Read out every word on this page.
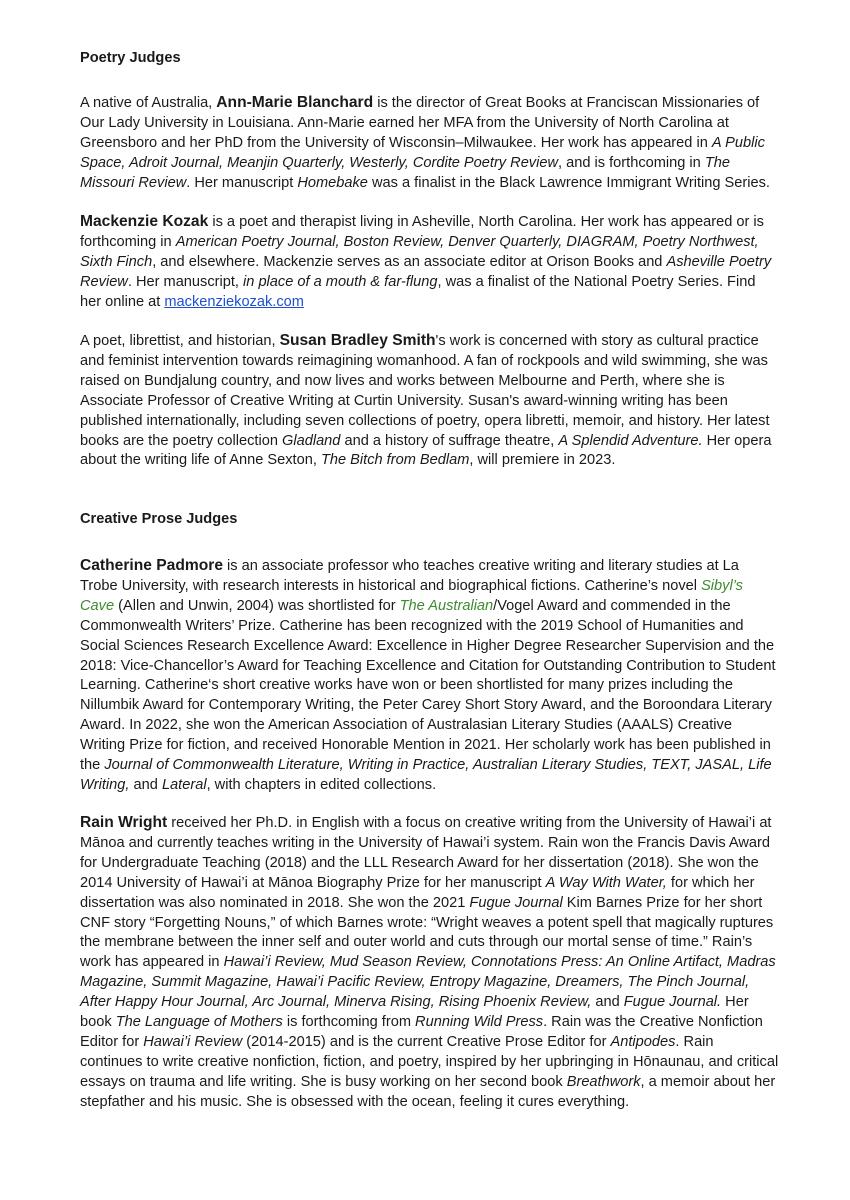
Poetry Judges

A native of Australia, Ann-Marie Blanchard is the director of Great Books at Franciscan Missionaries of Our Lady University in Louisiana. Ann-Marie earned her MFA from the University of North Carolina at Greensboro and her PhD from the University of Wisconsin–Milwaukee. Her work has appeared in A Public Space, Adroit Journal, Meanjin Quarterly, Westerly, Cordite Poetry Review, and is forthcoming in The Missouri Review. Her manuscript Homebake was a finalist in the Black Lawrence Immigrant Writing Series.

Mackenzie Kozak is a poet and therapist living in Asheville, North Carolina. Her work has appeared or is forthcoming in American Poetry Journal, Boston Review, Denver Quarterly, DIAGRAM, Poetry Northwest, Sixth Finch, and elsewhere. Mackenzie serves as an associate editor at Orison Books and Asheville Poetry Review. Her manuscript, in place of a mouth & far-flung, was a finalist of the National Poetry Series. Find her online at mackenziekozak.com

A poet, librettist, and historian, Susan Bradley Smith's work is concerned with story as cultural practice and feminist intervention towards reimagining womanhood. A fan of rockpools and wild swimming, she was raised on Bundjalung country, and now lives and works between Melbourne and Perth, where she is Associate Professor of Creative Writing at Curtin University. Susan's award-winning writing has been published internationally, including seven collections of poetry, opera libretti, memoir, and history. Her latest books are the poetry collection Gladland and a history of suffrage theatre, A Splendid Adventure. Her opera about the writing life of Anne Sexton, The Bitch from Bedlam, will premiere in 2023.

Creative Prose Judges

Catherine Padmore is an associate professor who teaches creative writing and literary studies at La Trobe University, with research interests in historical and biographical fictions. Catherine’s novel Sibyl’s Cave (Allen and Unwin, 2004) was shortlisted for The Australian/Vogel Award and commended in the Commonwealth Writers’ Prize. Catherine has been recognized with the 2019 School of Humanities and Social Sciences Research Excellence Award: Excellence in Higher Degree Researcher Supervision and the 2018: Vice-Chancellor’s Award for Teaching Excellence and Citation for Outstanding Contribution to Student Learning. Catherine‘s short creative works have won or been shortlisted for many prizes including the Nillumbik Award for Contemporary Writing, the Peter Carey Short Story Award, and the Boroondara Literary Award. In 2022, she won the American Association of Australasian Literary Studies (AAALS) Creative Writing Prize for fiction, and received Honorable Mention in 2021. Her scholarly work has been published in the Journal of Commonwealth Literature, Writing in Practice, Australian Literary Studies, TEXT, JASAL, Life Writing, and Lateral, with chapters in edited collections.

Rain Wright received her Ph.D. in English with a focus on creative writing from the University of Hawai’i at Mānoa and currently teaches writing in the University of Hawai’i system. Rain won the Francis Davis Award for Undergraduate Teaching (2018) and the LLL Research Award for her dissertation (2018). She won the 2014 University of Hawai’i at Mānoa Biography Prize for her manuscript A Way With Water, for which her dissertation was also nominated in 2018. She won the 2021 Fugue Journal Kim Barnes Prize for her short CNF story “Forgetting Nouns,” of which Barnes wrote: “Wright weaves a potent spell that magically ruptures the membrane between the inner self and outer world and cuts through our mortal sense of time.” Rain’s work has appeared in Hawai’i Review, Mud Season Review, Connotations Press: An Online Artifact, Madras Magazine, Summit Magazine, Hawai’i Pacific Review, Entropy Magazine, Dreamers, The Pinch Journal, After Happy Hour Journal, Arc Journal, Minerva Rising, Rising Phoenix Review, and Fugue Journal. Her book The Language of Mothers is forthcoming from Running Wild Press. Rain was the Creative Nonfiction Editor for Hawai’i Review (2014-2015) and is the current Creative Prose Editor for Antipodes. Rain continues to write creative nonfiction, fiction, and poetry, inspired by her upbringing in Hōnaunau, and critical essays on trauma and life writing. She is busy working on her second book Breathwork, a memoir about her stepfather and his music. She is obsessed with the ocean, feeling it cures everything.
